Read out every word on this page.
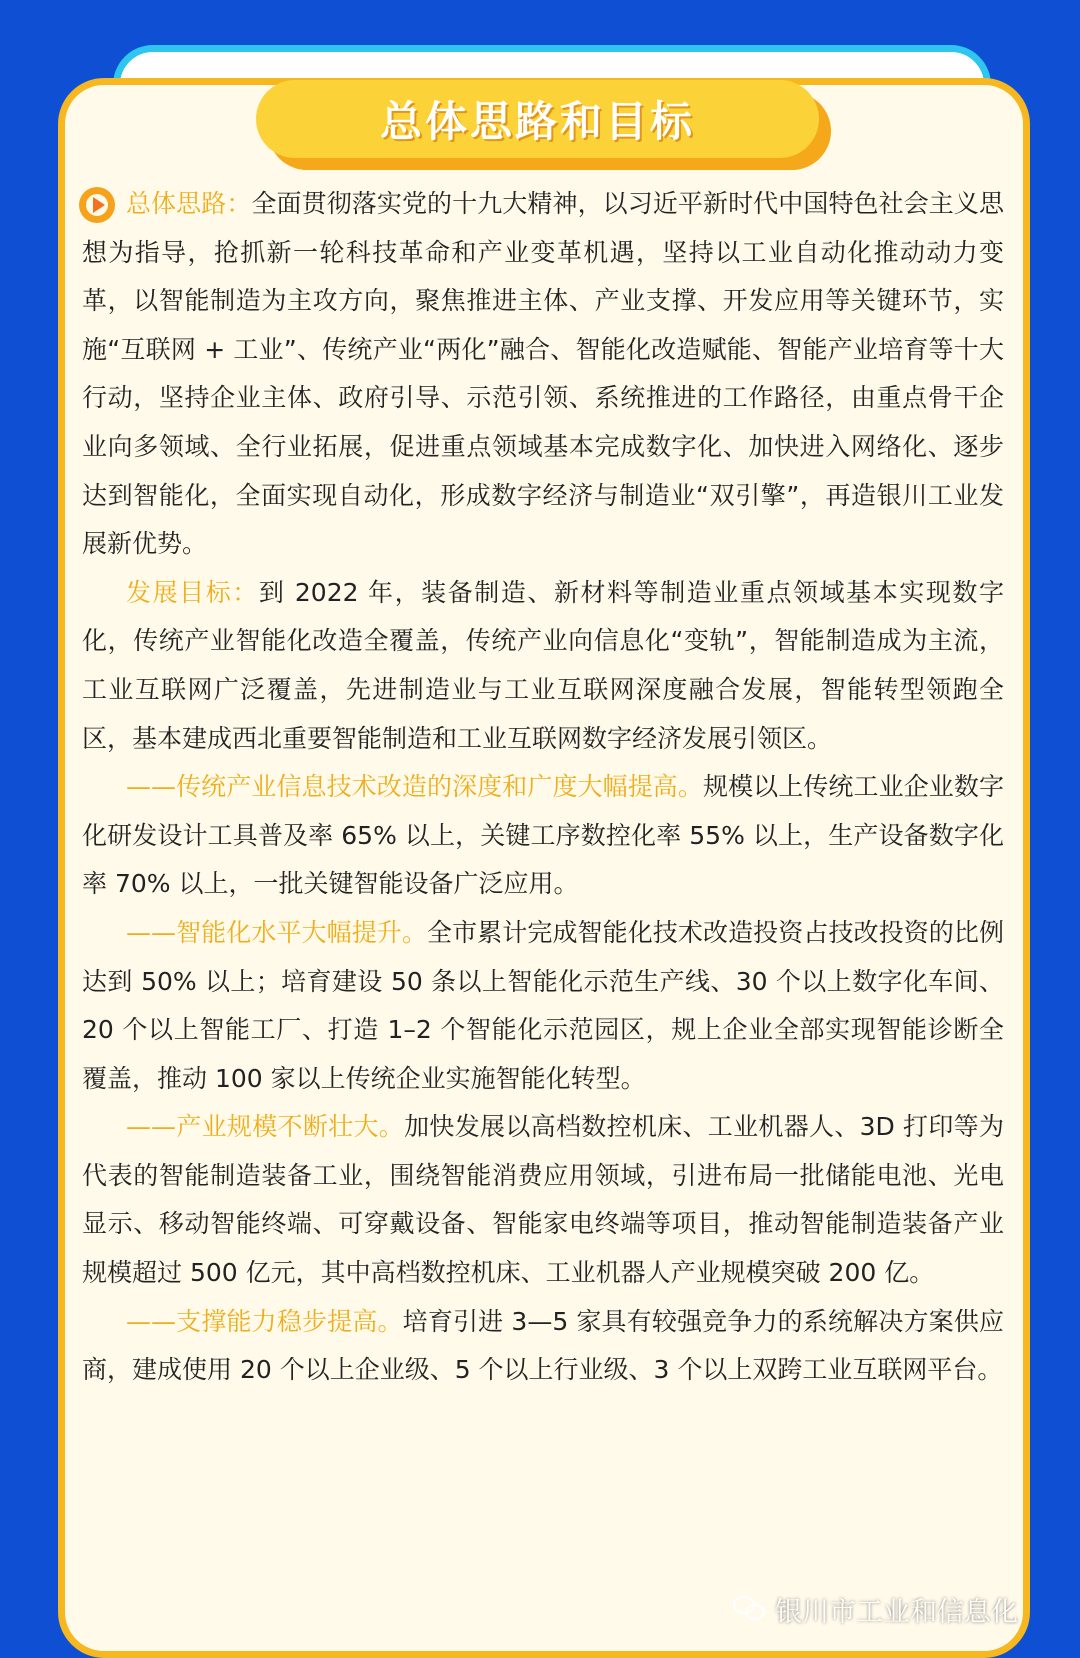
总体思路和目标

总体思路：全面贯彻落实党的十九大精神，以习近平新时代中国特色社会主义思想为指导，抢抓新一轮科技革命和产业变革机遇，坚持以工业自动化推动动力变革，以智能制造为主攻方向，聚焦推进主体、产业支撑、开发应用等关键环节，实施“互联网 + 工业”、传统产业“两化”融合、智能化改造赋能、智能产业培育等十大行动，坚持企业主体、政府引导、示范引领、系统推进的工作路径，由重点骨干企业向多领域、全行业拓展，促进重点领域基本完成数字化、加快进入网络化、逐步达到智能化，全面实现自动化，形成数字经济与制造业“双引擎”，再造银川工业发展新优势。

发展目标：到 2022 年，装备制造、新材料等制造业重点领域基本实现数字化，传统产业智能化改造全覆盖，传统产业向信息化“变轨”，智能制造成为主流，工业互联网广泛覆盖，先进制造业与工业互联网深度融合发展，智能转型领跑全区，基本建成西北重要智能制造和工业互联网数字经济发展引领区。

——传统产业信息技术改造的深度和广度大幅提高。规模以上传统工业企业数字化研发设计工具普及率 65% 以上，关键工序数控化率 55% 以上，生产设备数字化率 70% 以上，一批关键智能设备广泛应用。

——智能化水平大幅提升。全市累计完成智能化技术改造投资占技改投资的比例达到 50% 以上；培育建设 50 条以上智能化示范生产线、30 个以上数字化车间、20 个以上智能工厂、打造 1–2 个智能化示范园区，规上企业全部实现智能诊断全覆盖，推动 100 家以上传统企业实施智能化转型。

——产业规模不断壮大。加快发展以高档数控机床、工业机器人、3D 打印等为代表的智能制造装备工业，围绕智能消费应用领域，引进布局一批储能电池、光电显示、移动智能终端、可穿戴设备、智能家电终端等项目，推动智能制造装备产业规模超过 500 亿元，其中高档数控机床、工业机器人产业规模突破 200 亿。

——支撑能力稳步提高。培育引进 3—5 家具有较强竞争力的系统解决方案供应商，建成使用 20 个以上企业级、5 个以上行业级、3 个以上双跨工业互联网平台。

银川市工业和信息化
